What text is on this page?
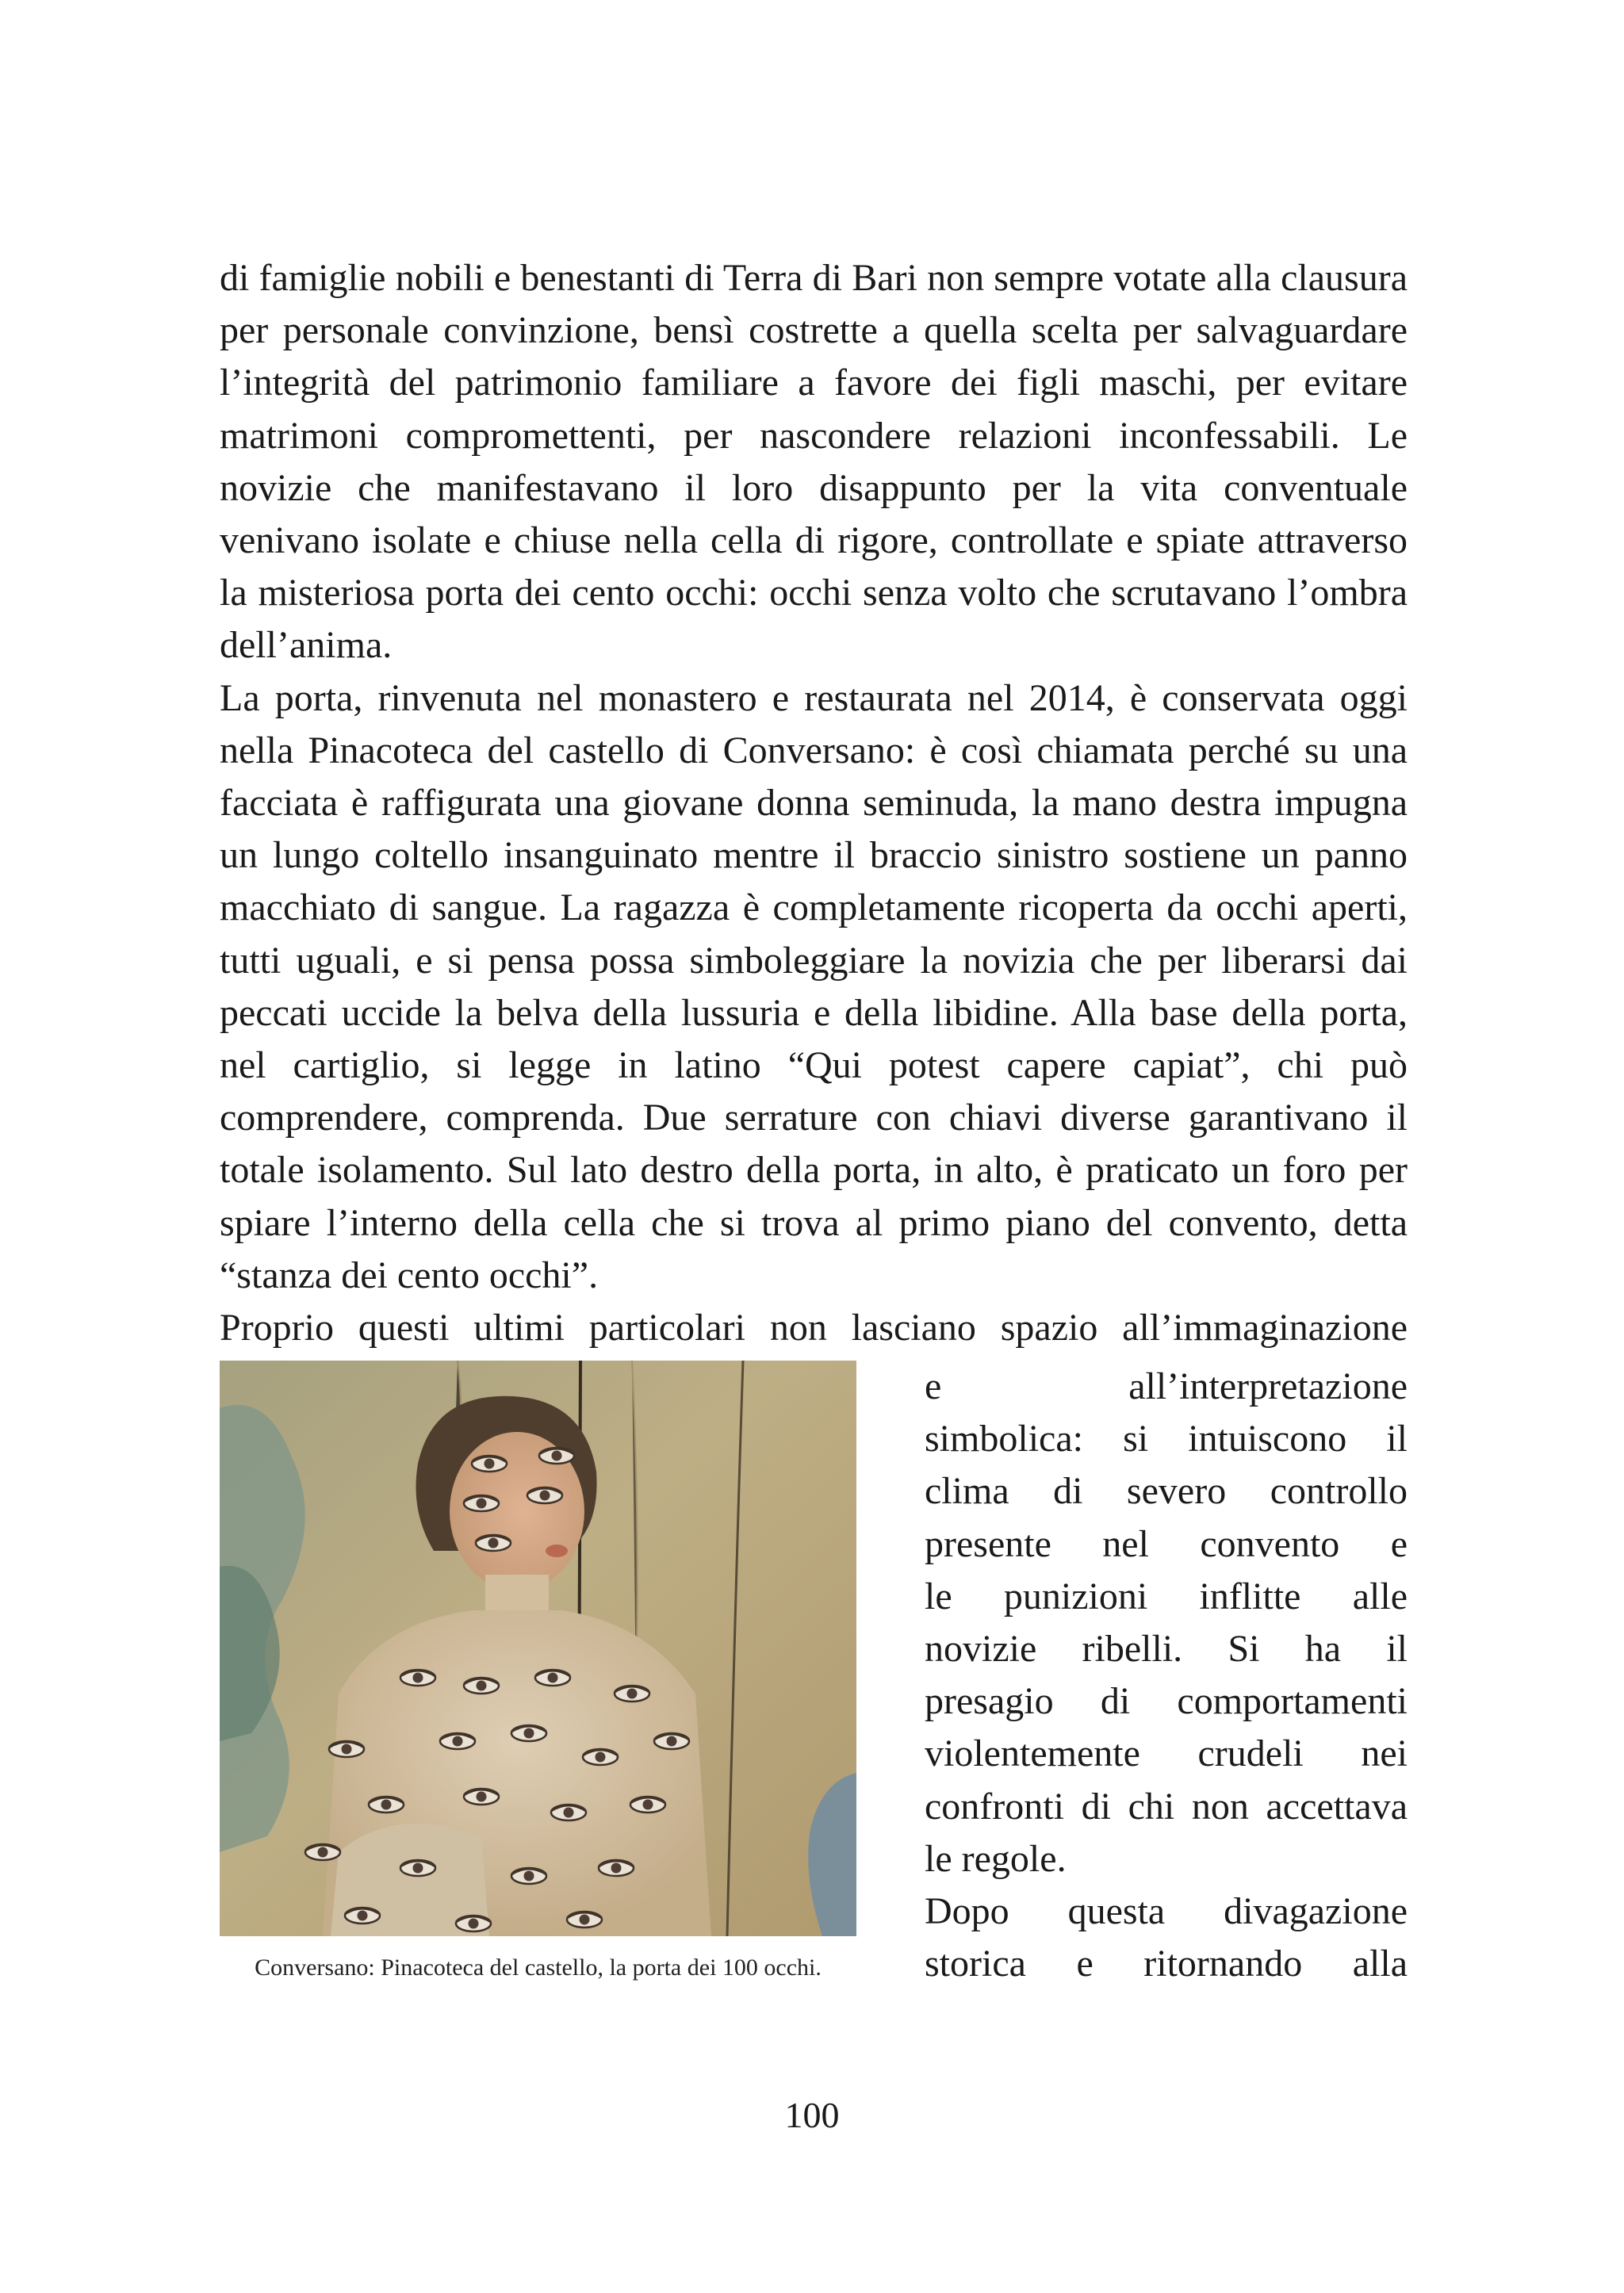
di famiglie nobili e benestanti di Terra di Bari non sempre votate alla clausura per personale convinzione, bensì costrette a quella scelta per salvaguardare l’integrità del patrimonio familiare a favore dei figli maschi, per evitare matrimoni compromettenti, per nascondere relazioni inconfessabili. Le novizie che manifestavano il loro disappunto per la vita conventuale venivano isolate e chiuse nella cella di rigore, controllate e spiate attraverso la misteriosa porta dei cento occhi: occhi senza volto che scrutavano l’ombra dell’anima.

La porta, rinvenuta nel monastero e restaurata nel 2014, è conservata oggi nella Pinacoteca del castello di Conversano: è così chiamata perché su una facciata è raffigurata una giovane donna seminuda, la mano destra impugna un lungo coltello insanguinato mentre il braccio sinistro sostiene un panno macchiato di sangue. La ragazza è completamente ricoperta da occhi aperti, tutti uguali, e si pensa possa simboleggiare la novizia che per liberarsi dai peccati uccide la belva della lussuria e della libidine. Alla base della porta, nel cartiglio, si legge in latino “Qui potest capere capiat”, chi può comprendere, comprenda. Due serrature con chiavi diverse garantivano il totale isolamento. Sul lato destro della porta, in alto, è praticato un foro per spiare l’interno della cella che si trova al primo piano del convento, detta “stanza dei cento occhi”.

Proprio questi ultimi particolari non lasciano spazio all’immaginazione

Conversano: Pinacoteca del castello, la porta dei 100 occhi.

e all’interpretazione

simbolica: si intuiscono il

clima di severo controllo

presente nel convento e

le punizioni inflitte alle

novizie ribelli. Si ha il

presagio di comportamenti

violentemente crudeli nei

confronti di chi non accettava

le regole.

Dopo questa divagazione

storica e ritornando alla

100
